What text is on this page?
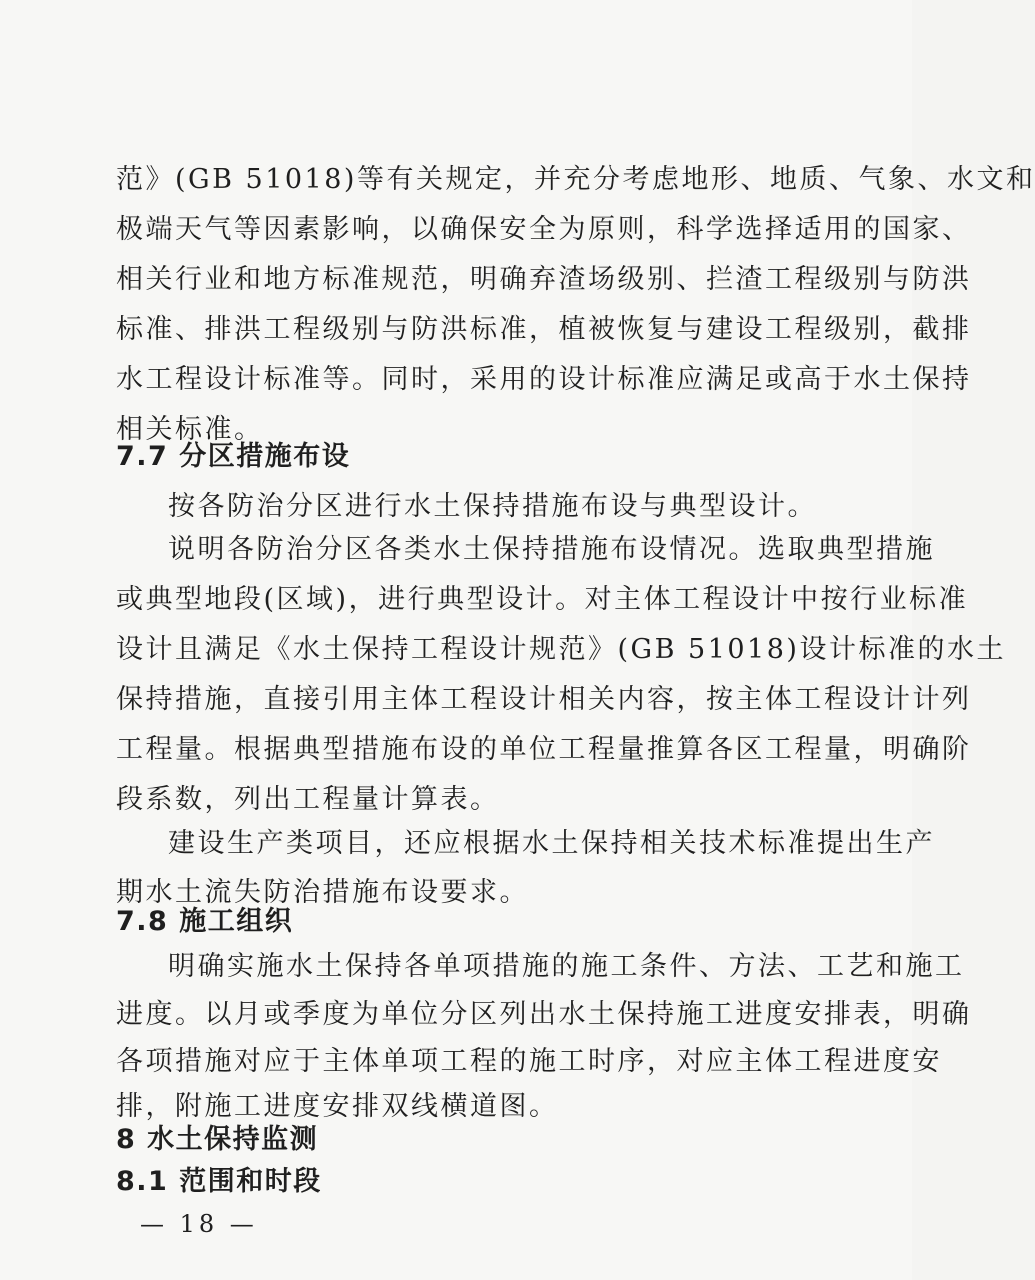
范》(GB 51018)等有关规定，并充分考虑地形、地质、气象、水文和
极端天气等因素影响，以确保安全为原则，科学选择适用的国家、
相关行业和地方标准规范，明确弃渣场级别、拦渣工程级别与防洪
标准、排洪工程级别与防洪标准，植被恢复与建设工程级别，截排
水工程设计标准等。同时，采用的设计标准应满足或高于水土保持
相关标准。
7.7 分区措施布设
按各防治分区进行水土保持措施布设与典型设计。
说明各防治分区各类水土保持措施布设情况。选取典型措施
或典型地段(区域)，进行典型设计。对主体工程设计中按行业标准
设计且满足《水土保持工程设计规范》(GB 51018)设计标准的水土
保持措施，直接引用主体工程设计相关内容，按主体工程设计计列
工程量。根据典型措施布设的单位工程量推算各区工程量，明确阶
段系数，列出工程量计算表。
建设生产类项目，还应根据水土保持相关技术标准提出生产
期水土流失防治措施布设要求。
7.8 施工组织
明确实施水土保持各单项措施的施工条件、方法、工艺和施工
进度。以月或季度为单位分区列出水土保持施工进度安排表，明确
各项措施对应于主体单项工程的施工时序，对应主体工程进度安
排，附施工进度安排双线横道图。
8 水土保持监测
8.1 范围和时段
— 18 —
